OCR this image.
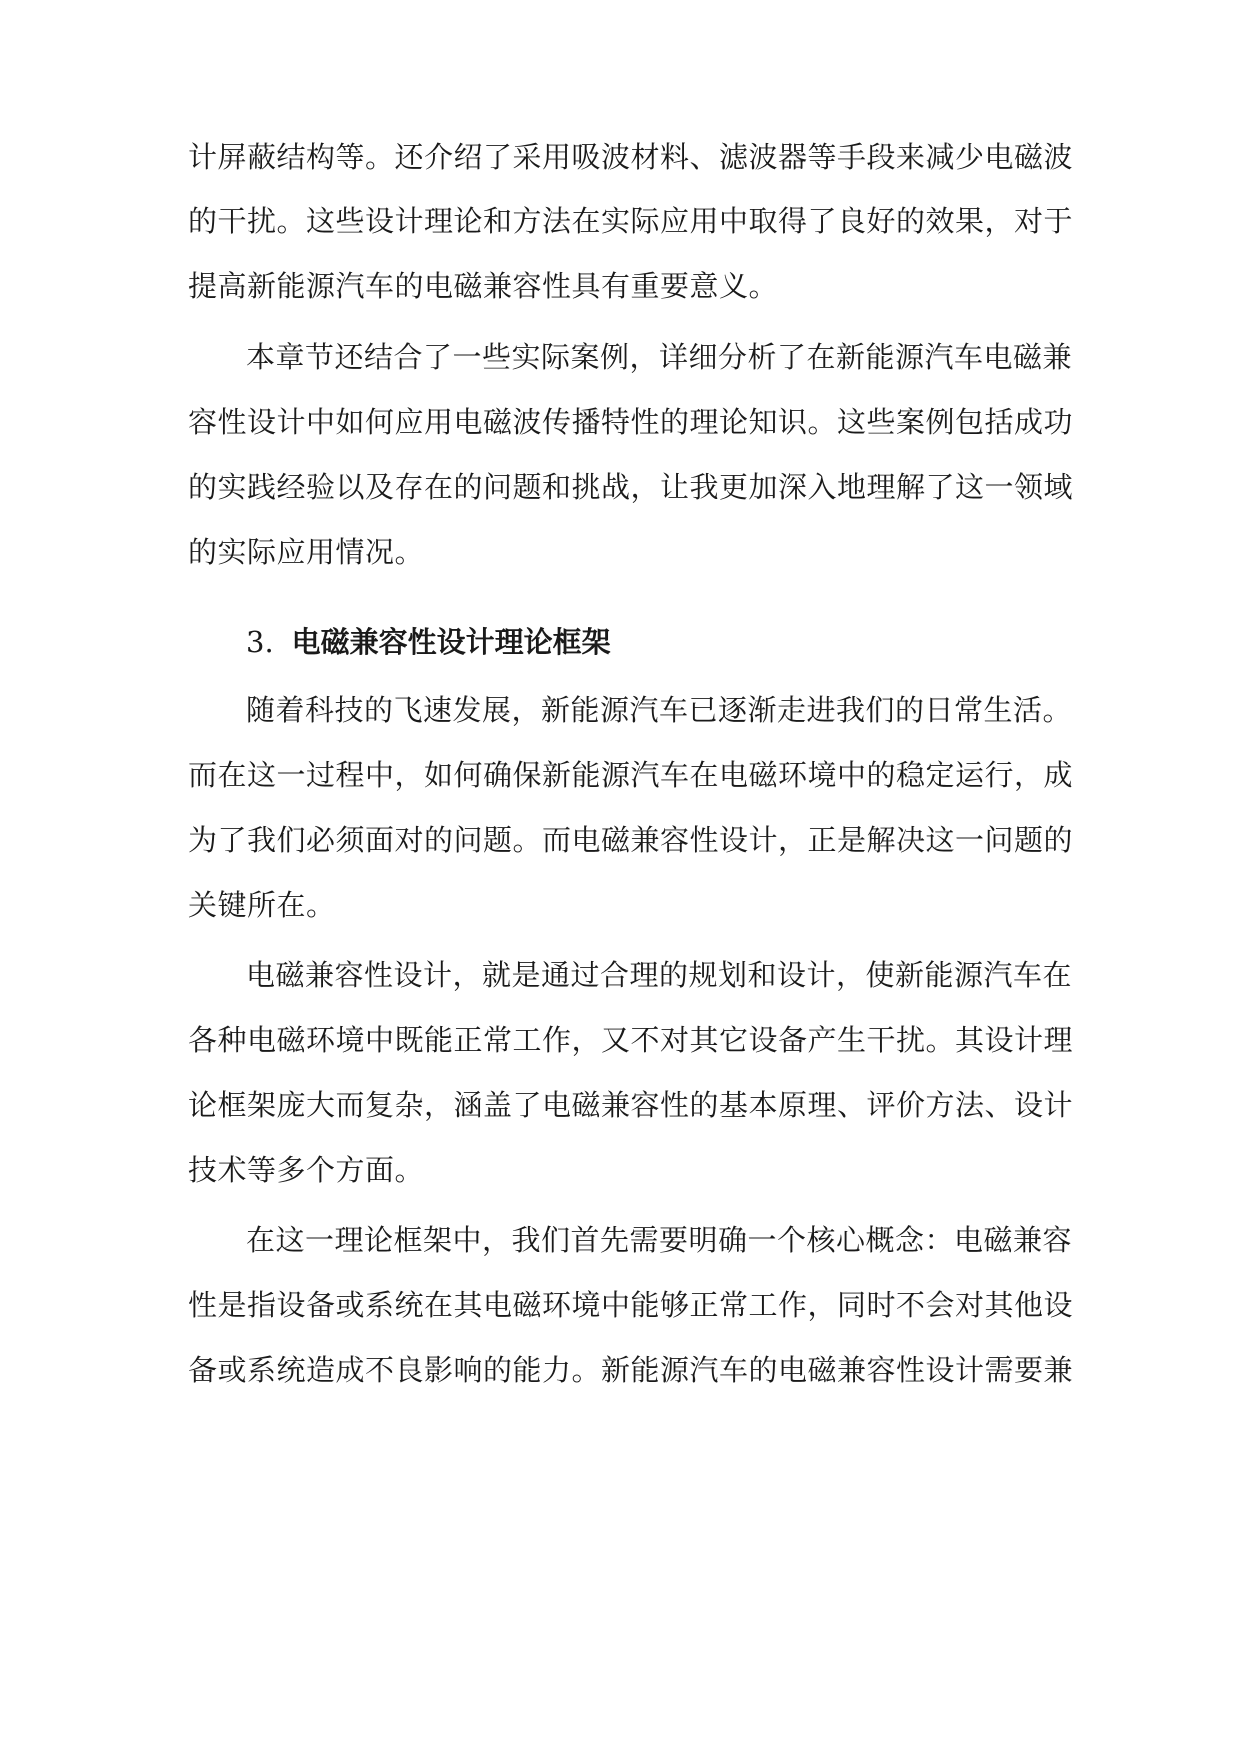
计屏蔽结构等。还介绍了采用吸波材料、滤波器等手段来减少电磁波
的干扰。这些设计理论和方法在实际应用中取得了良好的效果，对于
提高新能源汽车的电磁兼容性具有重要意义。
本章节还结合了一些实际案例，详细分析了在新能源汽车电磁兼
容性设计中如何应用电磁波传播特性的理论知识。这些案例包括成功
的实践经验以及存在的问题和挑战，让我更加深入地理解了这一领域
的实际应用情况。
3. 电磁兼容性设计理论框架
随着科技的飞速发展，新能源汽车已逐渐走进我们的日常生活。
而在这一过程中，如何确保新能源汽车在电磁环境中的稳定运行，成
为了我们必须面对的问题。而电磁兼容性设计，正是解决这一问题的
关键所在。
电磁兼容性设计，就是通过合理的规划和设计，使新能源汽车在
各种电磁环境中既能正常工作，又不对其它设备产生干扰。其设计理
论框架庞大而复杂，涵盖了电磁兼容性的基本原理、评价方法、设计
技术等多个方面。
在这一理论框架中，我们首先需要明确一个核心概念：电磁兼容
性是指设备或系统在其电磁环境中能够正常工作，同时不会对其他设
备或系统造成不良影响的能力。新能源汽车的电磁兼容性设计需要兼
